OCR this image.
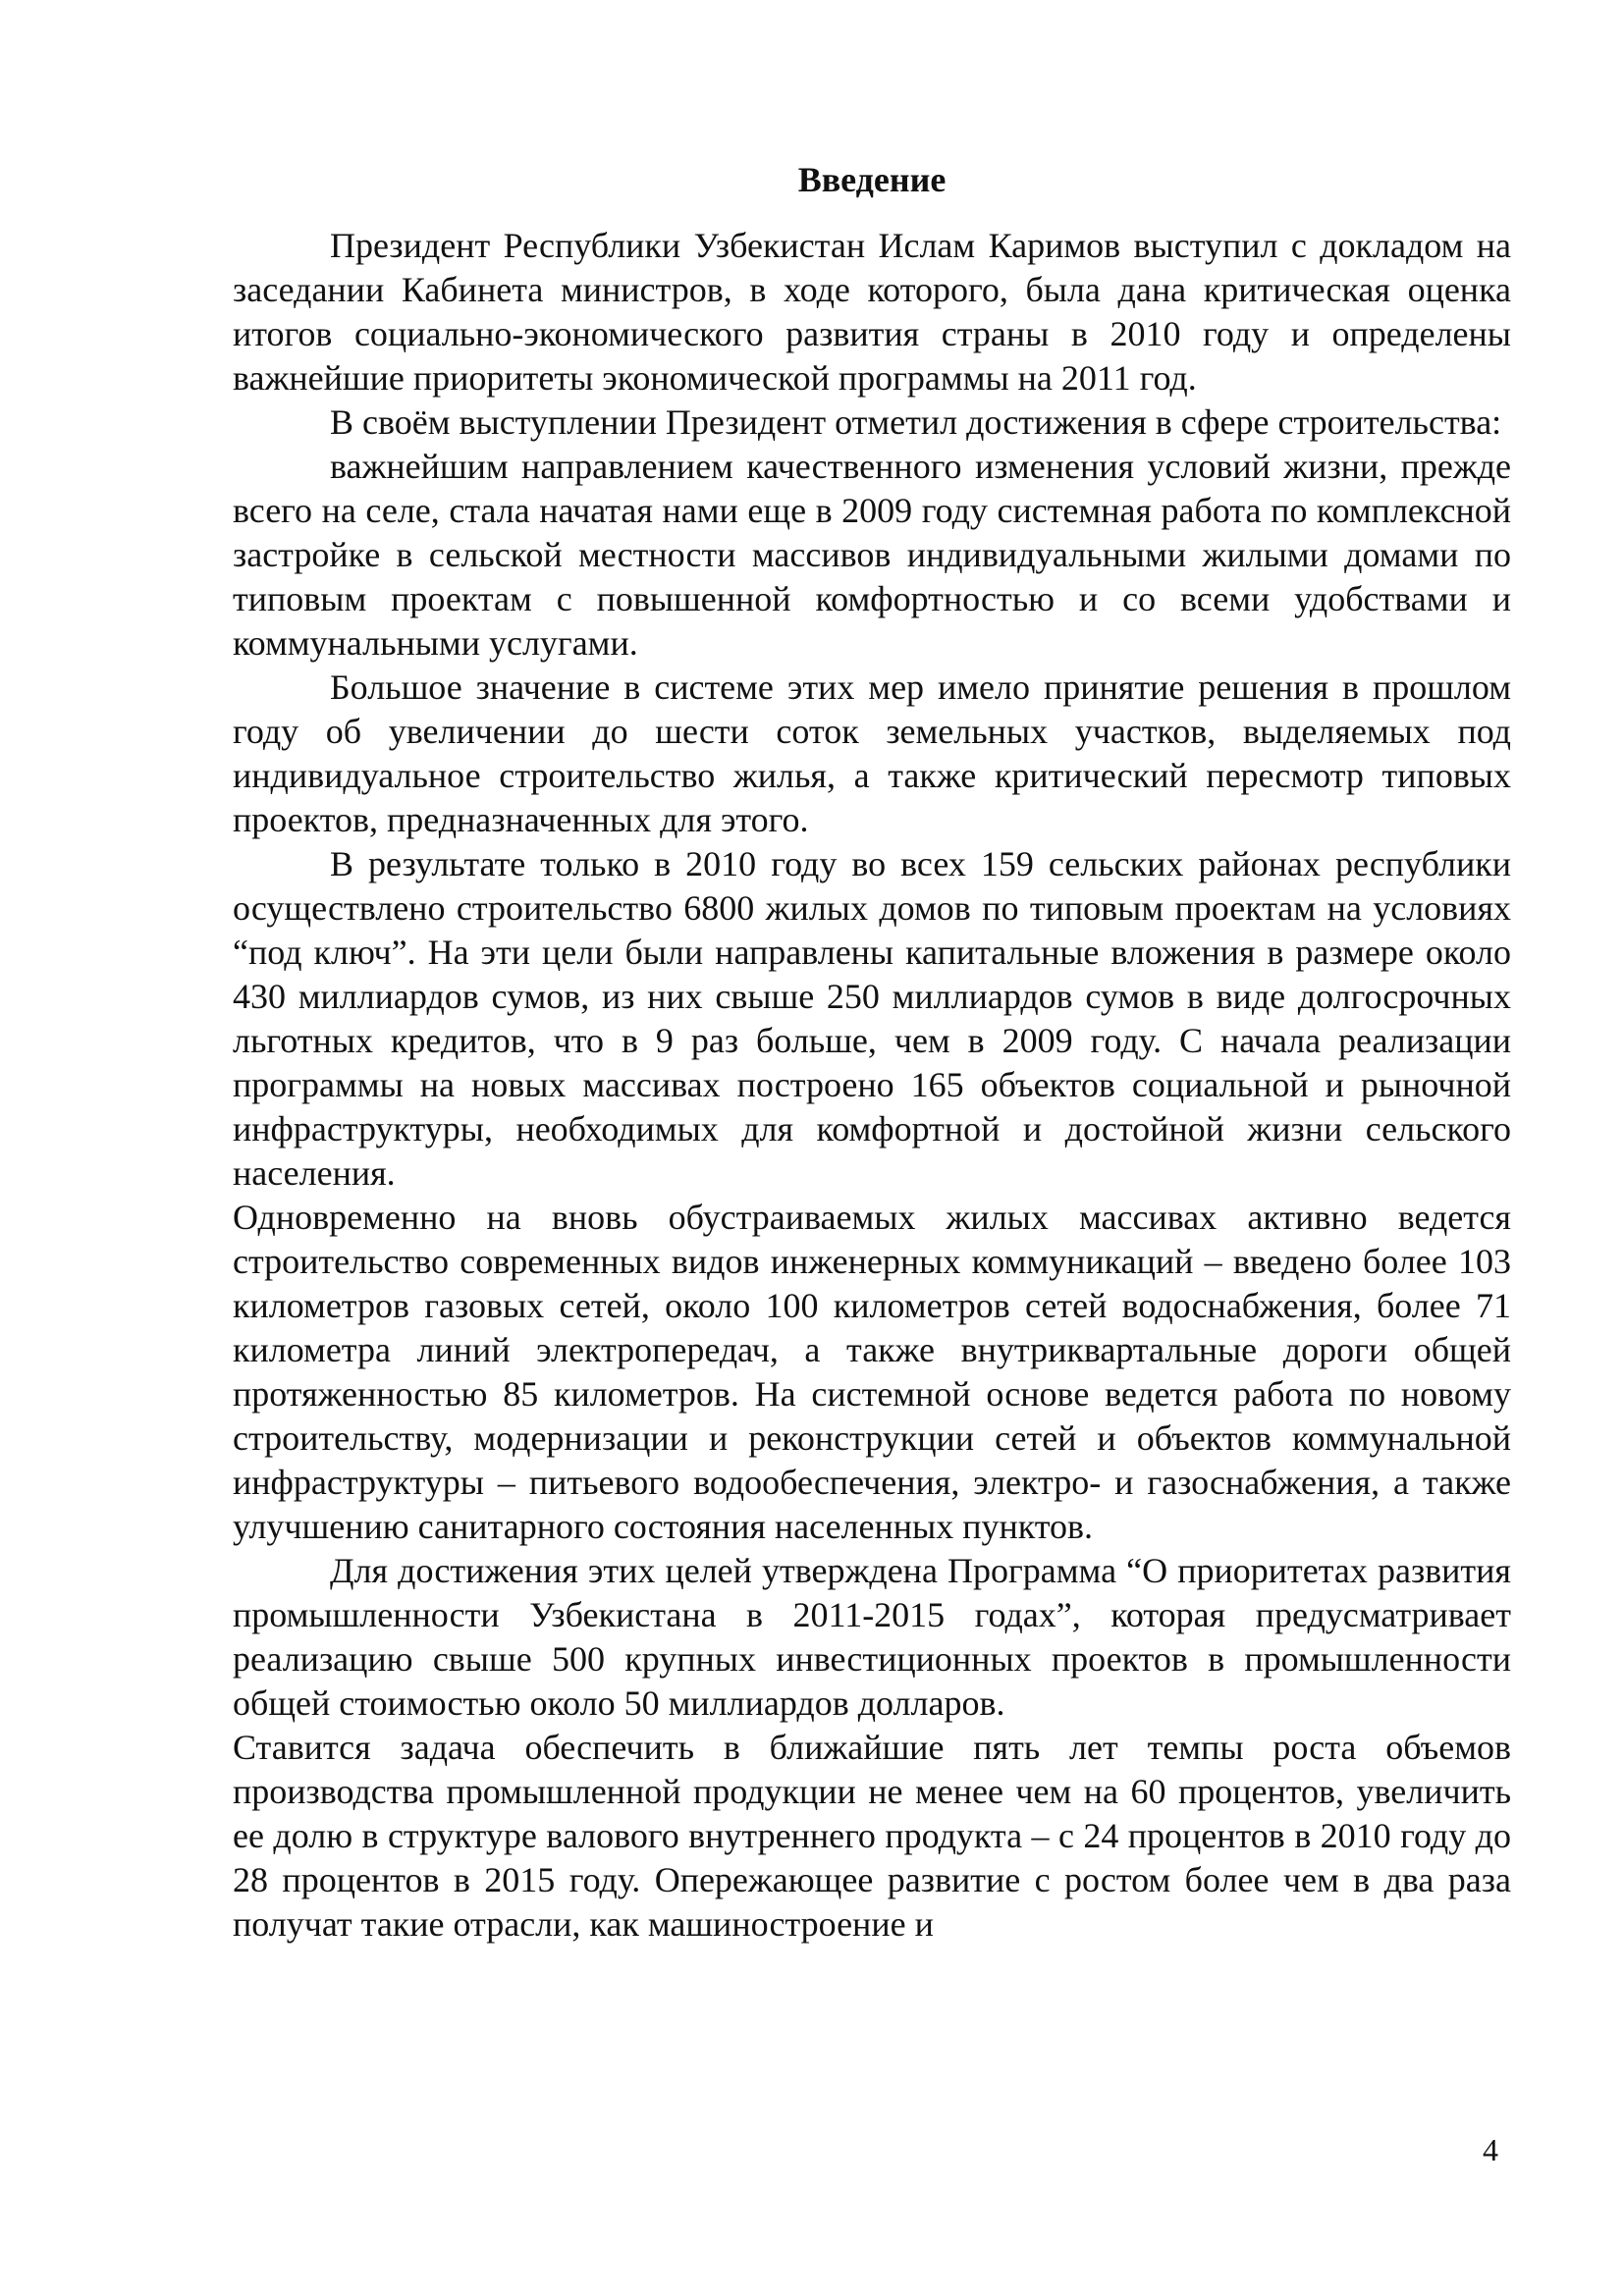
Введение

Президент Республики Узбекистан Ислам Каримов выступил с докладом на заседании Кабинета министров, в ходе которого, была дана критическая оценка итогов социально-экономического развития страны в 2010 году и определены важнейшие приоритеты экономической программы на 2011 год.

В своём выступлении Президент отметил достижения в сфере строительства:

важнейшим направлением качественного изменения условий жизни, прежде всего на селе, стала начатая нами еще в 2009 году системная работа по комплексной застройке в сельской местности массивов индивидуальными жилыми домами по типовым проектам с повышенной комфортностью и со всеми удобствами и коммунальными услугами.

Большое значение в системе этих мер имело принятие решения в прошлом году об увеличении до шести соток земельных участков, выделяемых под индивидуальное строительство жилья, а также критический пересмотр типовых проектов, предназначенных для этого.

В результате только в 2010 году во всех 159 сельских районах республики осуществлено строительство 6800 жилых домов по типовым проектам на условиях “под ключ”. На эти цели были направлены капитальные вложения в размере около 430 миллиардов сумов, из них свыше 250 миллиардов сумов в виде долгосрочных льготных кредитов, что в 9 раз больше, чем в 2009 году. С начала реализации программы на новых массивах построено 165 объектов социальной и рыночной инфраструктуры, необходимых для комфортной и достойной жизни сельского населения.

Одновременно на вновь обустраиваемых жилых массивах активно ведется строительство современных видов инженерных коммуникаций – введено более 103 километров газовых сетей, около 100 километров сетей водоснабжения, более 71 километра линий электропередач, а также внутриквартальные дороги общей протяженностью 85 километров. На системной основе ведется работа по новому строительству, модернизации и реконструкции сетей и объектов коммунальной инфраструктуры – питьевого водообеспечения, электро- и газоснабжения, а также улучшению санитарного состояния населенных пунктов.

Для достижения этих целей утверждена Программа “О приоритетах развития промышленности Узбекистана в 2011-2015 годах”, которая предусматривает реализацию свыше 500 крупных инвестиционных проектов в промышленности общей стоимостью около 50 миллиардов долларов.

Ставится задача обеспечить в ближайшие пять лет темпы роста объемов производства промышленной продукции не менее чем на 60 процентов, увеличить ее долю в структуре валового внутреннего продукта – с 24 процентов в 2010 году до 28 процентов в 2015 году. Опережающее развитие с ростом более чем в два раза получат такие отрасли, как машиностроение и

4
